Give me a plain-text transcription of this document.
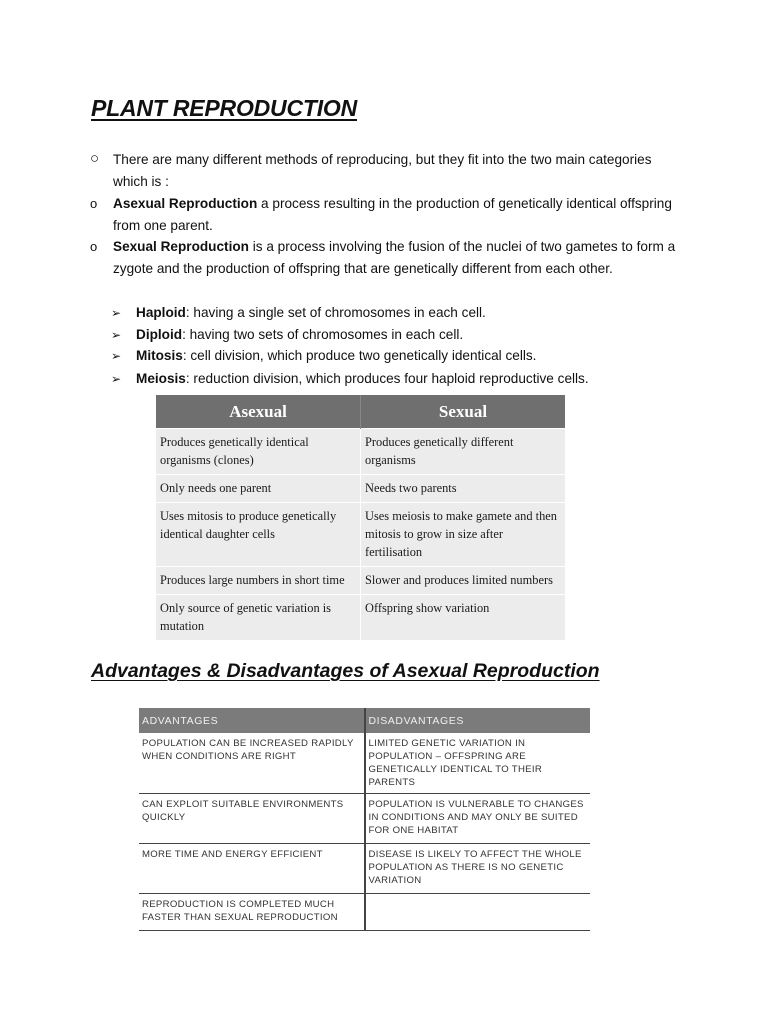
PLANT REPRODUCTION
○ There are many different methods of reproducing, but they fit into the two main categories which is :
o Asexual Reproduction a process resulting in the production of genetically identical offspring from one parent.
o Sexual Reproduction is a process involving the fusion of the nuclei of two gametes to form a zygote and the production of offspring that are genetically different from each other.
➢ Haploid: having a single set of chromosomes in each cell.
➢ Diploid: having two sets of chromosomes in each cell.
➢ Mitosis: cell division, which produce two genetically identical cells.
➢ Meiosis: reduction division, which produces four haploid reproductive cells.
Asexual	Sexual
Produces genetically identical organisms (clones)	Produces genetically different organisms
Only needs one parent	Needs two parents
Uses mitosis to produce genetically identical daughter cells	Uses meiosis to make gamete and then mitosis to grow in size after fertilisation
Produces large numbers in short time	Slower and produces limited numbers
Only source of genetic variation is mutation	Offspring show variation
Advantages & Disadvantages of Asexual Reproduction
ADVANTAGES	DISADVANTAGES
POPULATION CAN BE INCREASED RAPIDLY WHEN CONDITIONS ARE RIGHT	LIMITED GENETIC VARIATION IN POPULATION – OFFSPRING ARE GENETICALLY IDENTICAL TO THEIR PARENTS
CAN EXPLOIT SUITABLE ENVIRONMENTS QUICKLY	POPULATION IS VULNERABLE TO CHANGES IN CONDITIONS AND MAY ONLY BE SUITED FOR ONE HABITAT
MORE TIME AND ENERGY EFFICIENT	DISEASE IS LIKELY TO AFFECT THE WHOLE POPULATION AS THERE IS NO GENETIC VARIATION
REPRODUCTION IS COMPLETED MUCH FASTER THAN SEXUAL REPRODUCTION	
